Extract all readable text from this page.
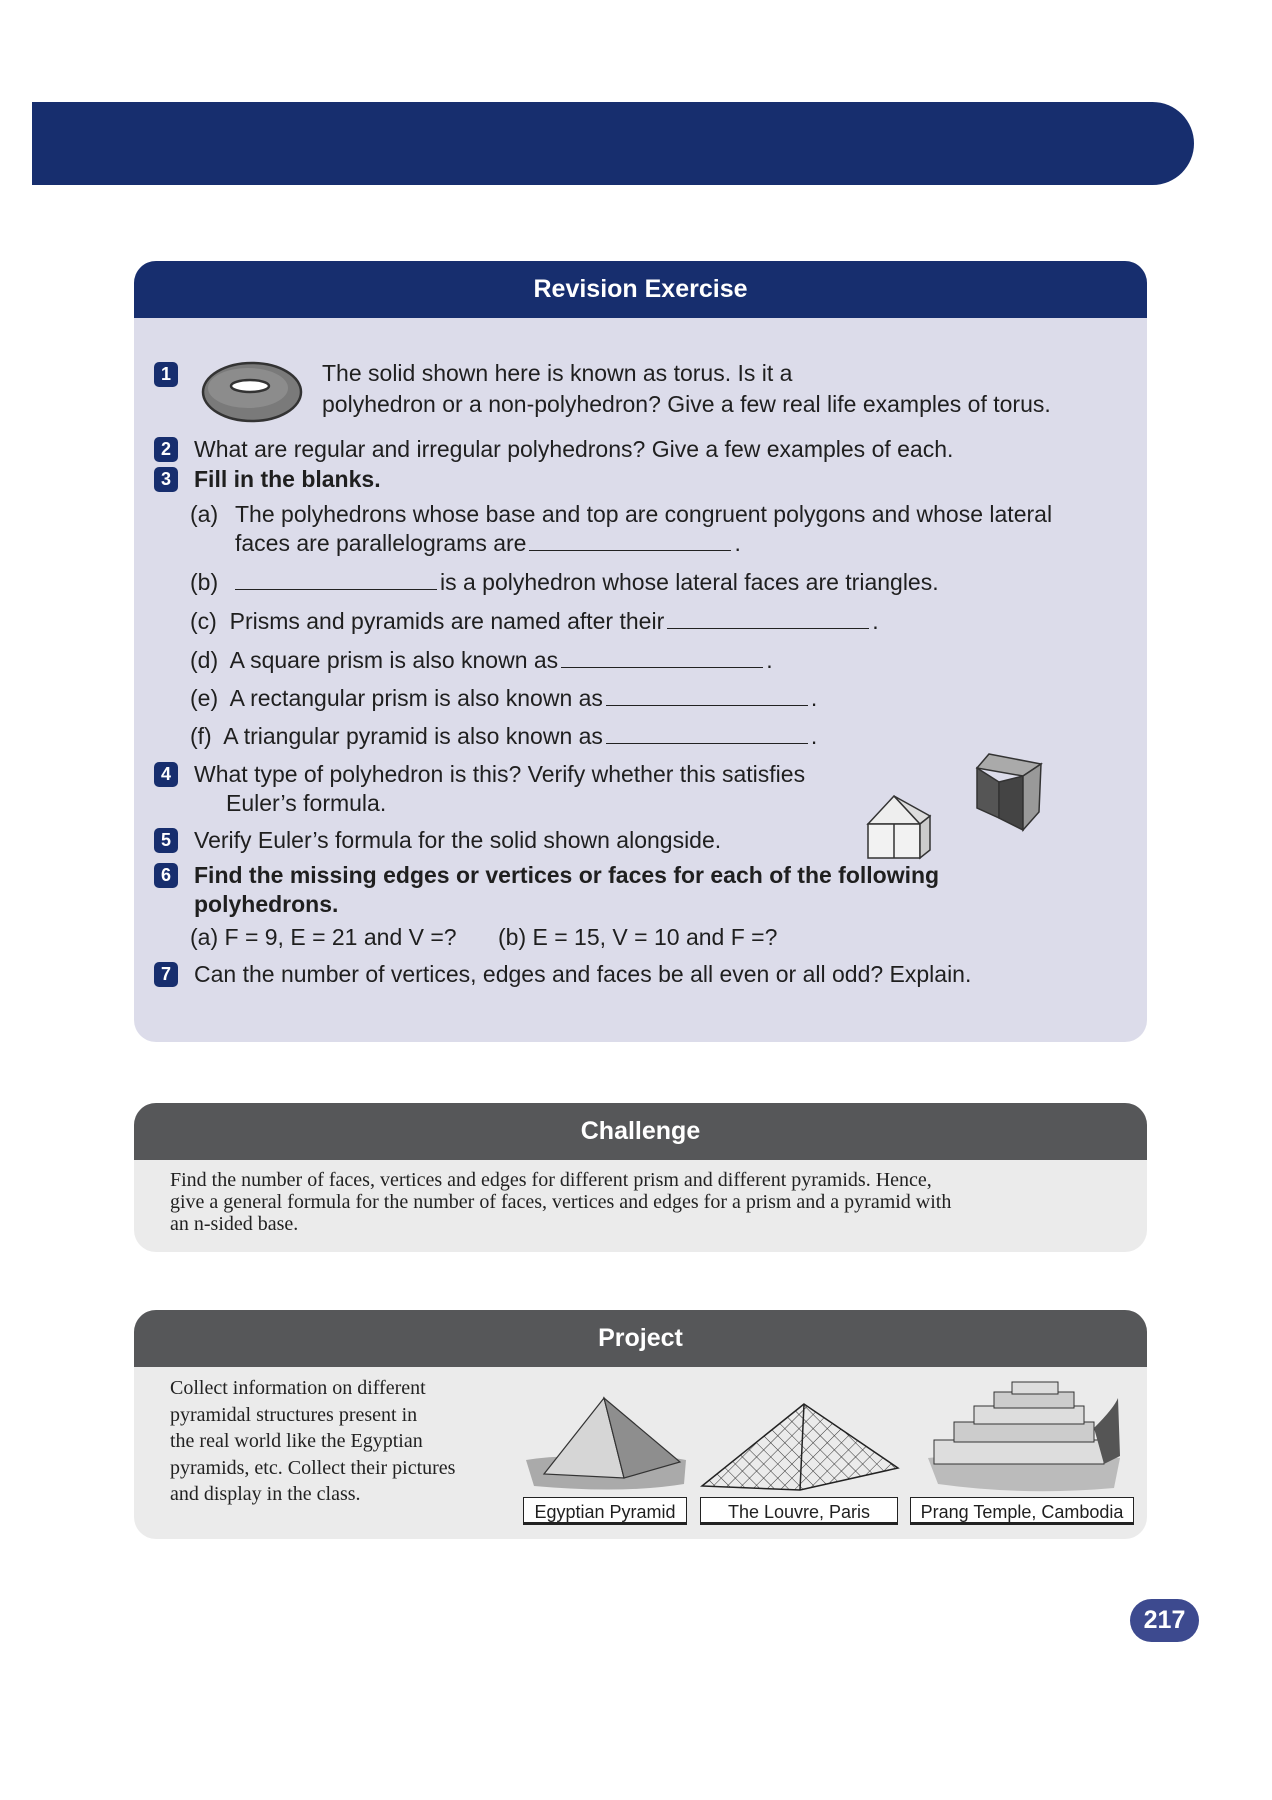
Revision Exercise
1	The solid shown here is known as torus. Is it a
polyhedron or a non-polyhedron? Give a few real life examples of torus.
2	What are regular and irregular polyhedrons? Give a few examples of each.
3	Fill in the blanks.
(a) The polyhedrons whose base and top are congruent polygons and whose lateral
faces are parallelograms are	.
(b)	is a polyhedron whose lateral faces are triangles.
(c) Prisms and pyramids are named after their	.
(d) A square prism is also known as	.
(e) A rectangular prism is also known as	.
(f) A triangular pyramid is also known as	.
4	What type of polyhedron is this? Verify whether this satisfies
Euler’s formula.
5	Verify Euler’s formula for the solid shown alongside.
6	Find the missing edges or vertices or faces for each of the following
polyhedrons.
(a) F = 9, E = 21 and V =? (b) E = 15, V = 10 and F =?
7	Can the number of vertices, edges and faces be all even or all odd? Explain.
Challenge
Find the number of faces, vertices and edges for different prism and different pyramids. Hence,
give a general formula for the number of faces, vertices and edges for a prism and a pyramid with
an n-sided base.
Project
Collect information on different
pyramidal structures present in
the real world like the Egyptian
pyramids, etc. Collect their pictures
and display in the class.
Egyptian Pyramid	The Louvre, Paris	Prang Temple, Cambodia
217
